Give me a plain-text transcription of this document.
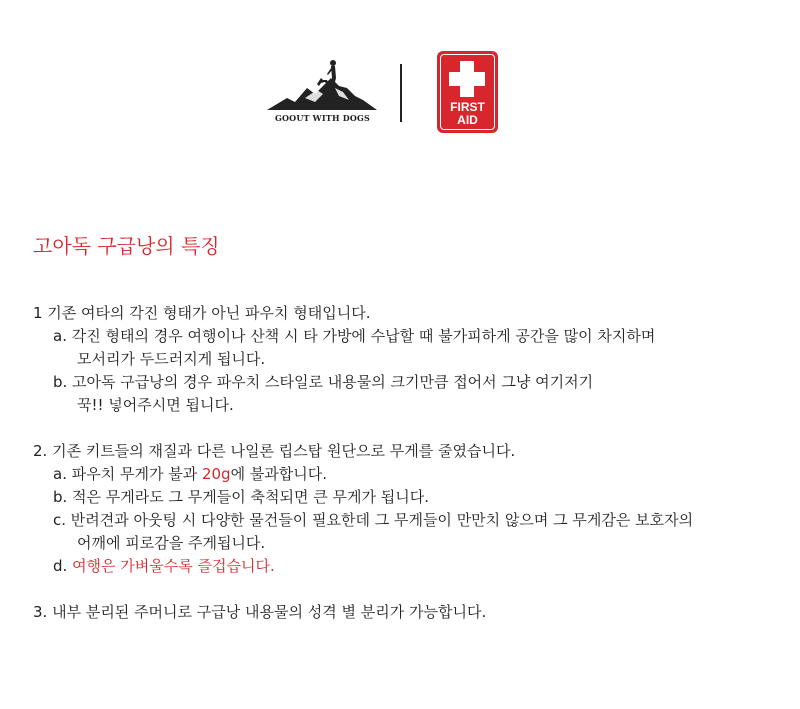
GOOUT WITH DOGS
FIRST
AID
고아독 구급낭의 특징
1 기존 여타의 각진 형태가 아닌 파우치 형태입니다.
a. 각진 형태의 경우 여행이나 산책 시 타 가방에 수납할 때 불가피하게 공간을 많이 차지하며
모서리가 두드러지게 됩니다.
b. 고아독 구급낭의 경우 파우치 스타일로 내용물의 크기만큼 접어서 그냥 여기저기
꾹!! 넣어주시면 됩니다.
2. 기존 키트들의 재질과 다른 나일론 립스탑 원단으로 무게를 줄였습니다.
a. 파우치 무게가 불과 20g에 불과합니다.
b. 적은 무게라도 그 무게들이 축척되면 큰 무게가 됩니다.
c. 반려견과 아웃팅 시 다양한 물건들이 필요한데 그 무게들이 만만치 않으며 그 무게감은 보호자의
어깨에 피로감을 주게됩니다.
d. 여행은 가벼울수록 즐겁습니다.
3. 내부 분리된 주머니로 구급낭 내용물의 성격 별 분리가 가능합니다.
